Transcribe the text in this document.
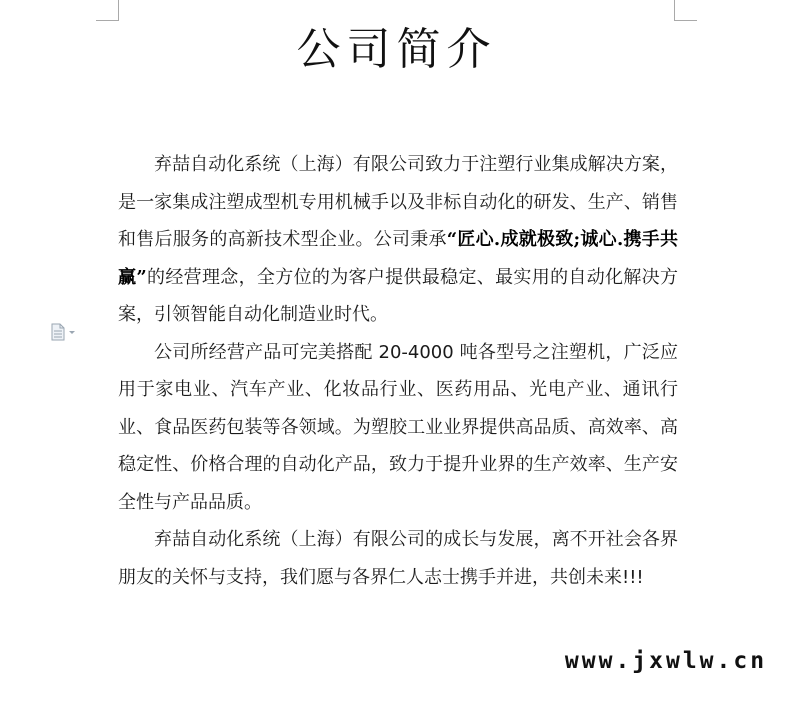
公司简介

弃喆自动化系统（上海）有限公司致力于注塑行业集成解决方案，是一家集成注塑成型机专用机械手以及非标自动化的研发、生产、销售和售后服务的高新技术型企业。公司秉承“匠心.成就极致;诚心.携手共赢”的经营理念，全方位的为客户提供最稳定、最实用的自动化解决方案，引领智能自动化制造业时代。

公司所经营产品可完美搭配 20-4000 吨各型号之注塑机，广泛应用于家电业、汽车产业、化妆品行业、医药用品、光电产业、通讯行业、食品医药包装等各领域。为塑胶工业业界提供高品质、高效率、高稳定性、价格合理的自动化产品，致力于提升业界的生产效率、生产安全性与产品品质。

弃喆自动化系统（上海）有限公司的成长与发展，离不开社会各界朋友的关怀与支持，我们愿与各界仁人志士携手并进，共创未来!!!

www.jxwlw.cn
